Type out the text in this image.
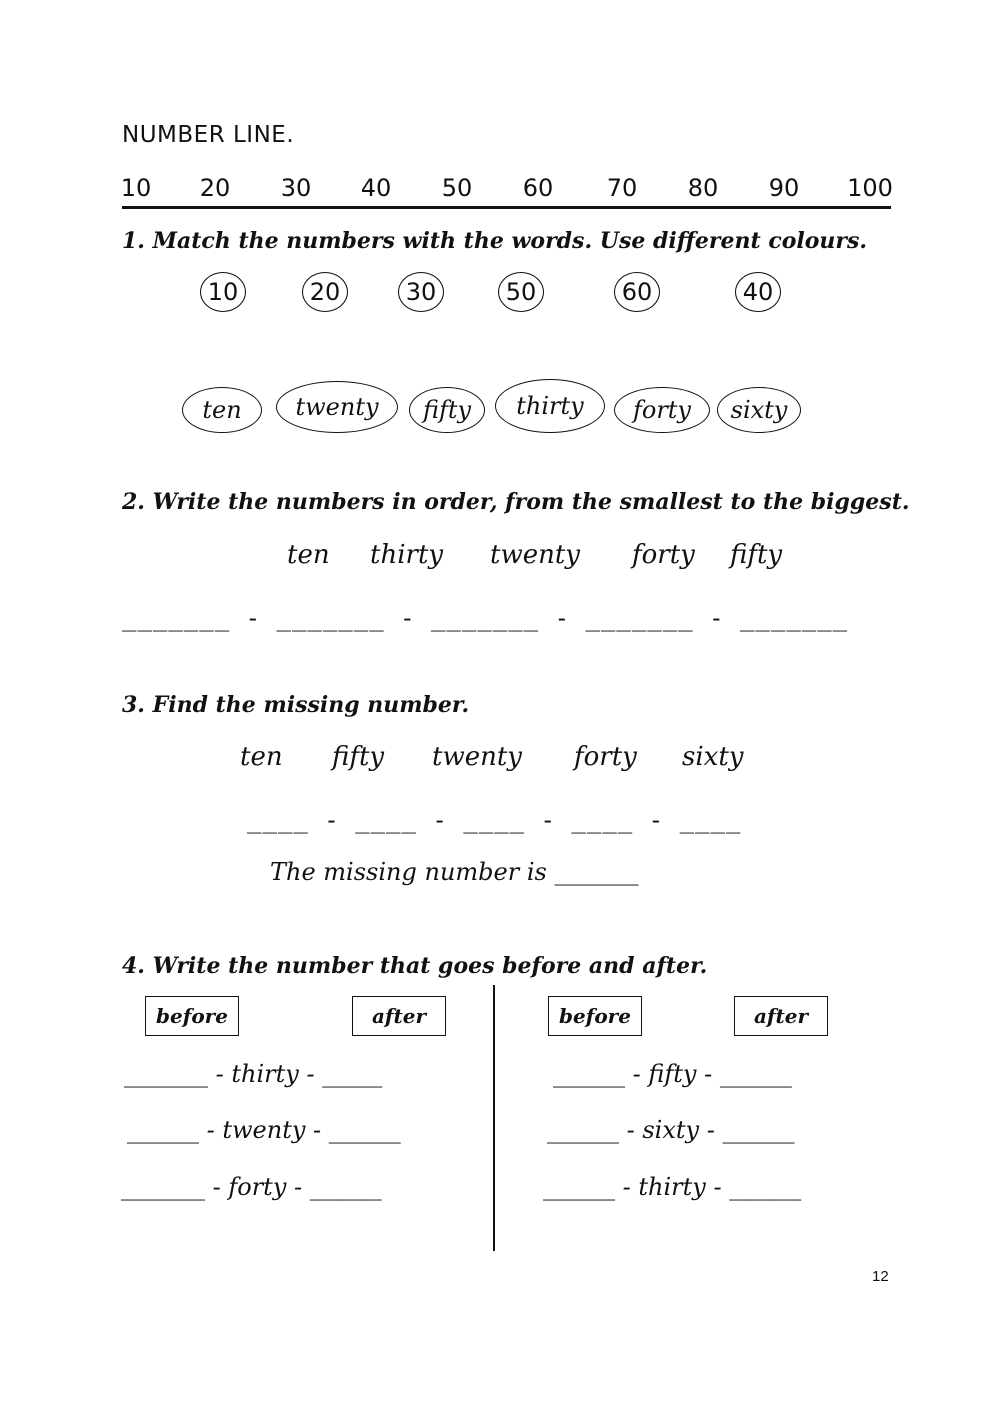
NUMBER LINE.
10	20	30	40	50	60	70	80	90	100
1. Match the numbers with the words. Use different colours.
10	20	30	50	60	40
ten	twenty	fifty	thirty	forty	sixty
2. Write the numbers in order, from the smallest to the biggest.
ten thirty twenty forty fifty
_______ - _______ - _______ - _______ - _______
3. Find the missing number.
ten fifty twenty forty sixty
____ - ____ - ____ - ____ - ____
The missing number is _______
4. Write the number that goes before and after.
before	after	before	after
_______ - thirty - _____
______ - twenty - ______
_______ - forty - ______
______ - fifty - ______
______ - sixty - ______
______ - thirty - ______
12
